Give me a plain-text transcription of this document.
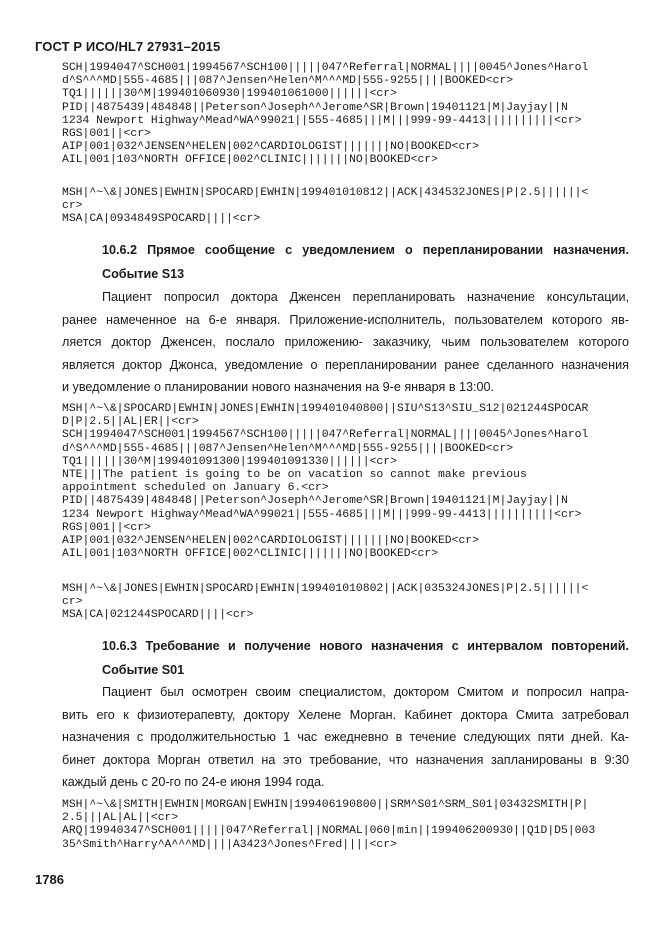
ГОСТ Р ИСО/HL7 27931–2015
SCH|1994047^SCH001|1994567^SCH100|||||047^Referral|NORMAL||||0045^Jones^Harol
d^S^^^MD|555-4685|||087^Jensen^Helen^M^^^MD|555-9255||||BOOKED<cr>
TQ1||||||30^M|199401060930|199401061000||||||<cr>
PID||4875439|484848||Peterson^Joseph^^Jerome^SR|Brown|19401121|M|Jayjay||N
1234 Newport Highway^Mead^WA^99021||555-4685|||M|||999-99-4413||||||||||<cr>
RGS|001||<cr>
AIP|001|032^JENSEN^HELEN|002^CARDIOLOGIST|||||||NO|BOOKED<cr>
AIL|001|103^NORTH OFFICE|002^CLINIC|||||||NO|BOOKED<cr>
MSH|^~\&|JONES|EWHIN|SPOCARD|EWHIN|199401010812||ACK|434532JONES|P|2.5||||||<
cr>
MSA|CA|0934849SPOCARD||||<cr>
10.6.2 Прямое сообщение с уведомлением о перепланировании назначения.
Событие S13
Пациент попросил доктора Дженсен перепланировать назначение консультации,
ранее намеченное на 6-е января. Приложение-исполнитель, пользователем которого яв-
ляется доктор Дженсен, послало приложению- заказчику, чьим пользователем которого
является доктор Джонса, уведомление о перепланировании ранее сделанного назначения
и уведомление о планировании нового назначения на 9-е января в 13:00.
MSH|^~\&|SPOCARD|EWHIN|JONES|EWHIN|199401040800||SIU^S13^SIU_S12|021244SPOCAR
D|P|2.5||AL|ER||<cr>
SCH|1994047^SCH001|1994567^SCH100|||||047^Referral|NORMAL||||0045^Jones^Harol
d^S^^^MD|555-4685|||087^Jensen^Helen^M^^^MD|555-9255||||BOOKED<cr>
TQ1||||||30^M|199401091300|199401091330||||||<cr>
NTE|||The patient is going to be on vacation so cannot make previous
appointment scheduled on January 6.<cr>
PID||4875439|484848||Peterson^Joseph^^Jerome^SR|Brown|19401121|M|Jayjay||N
1234 Newport Highway^Mead^WA^99021||555-4685|||M|||999-99-4413||||||||||<cr>
RGS|001||<cr>
AIP|001|032^JENSEN^HELEN|002^CARDIOLOGIST|||||||NO|BOOKED<cr>
AIL|001|103^NORTH OFFICE|002^CLINIC|||||||NO|BOOKED<cr>
MSH|^~\&|JONES|EWHIN|SPOCARD|EWHIN|199401010802||ACK|035324JONES|P|2.5||||||<
cr>
MSA|CA|021244SPOCARD||||<cr>
10.6.3 Требование и получение нового назначения с интервалом повторений.
Событие S01
Пациент был осмотрен своим специалистом, доктором Смитом и попросил напра-
вить его к физиотерапевту, доктору Хелене Морган. Кабинет доктора Смита затребовал
назначения с продолжительностью 1 час ежедневно в течение следующих пяти дней. Ка-
бинет доктора Морган ответил на это требование, что назначения запланированы в 9:30
каждый день с 20-го по 24-е июня 1994 года.
MSH|^~\&|SMITH|EWHIN|MORGAN|EWHIN|199406190800||SRM^S01^SRM_S01|03432SMITH|P|
2.5|||AL|AL||<cr>
ARQ|19940347^SCH001|||||047^Referral||NORMAL|060|min||199406200930||Q1D|D5|003
35^Smith^Harry^A^^^MD||||A3423^Jones^Fred||||<cr>
1786
